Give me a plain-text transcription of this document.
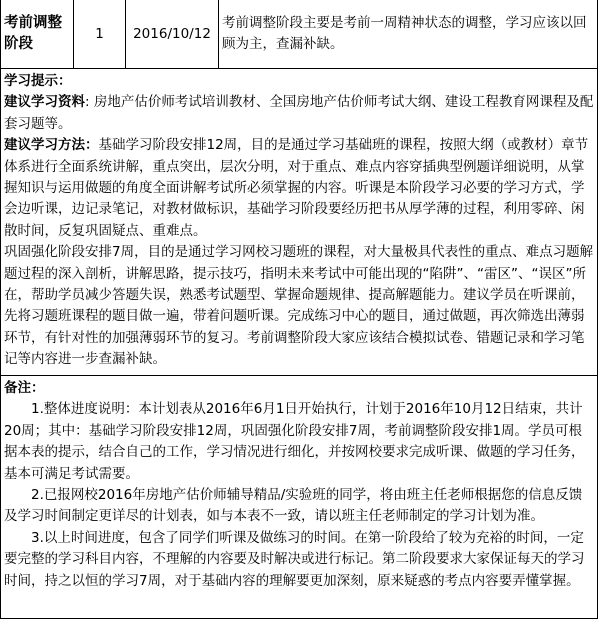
考前调整阶段	1	2016/10/12	考前调整阶段主要是考前一周精神状态的调整，学习应该以回顾为主，查漏补缺。

学习提示：

建议学习资料: 房地产估价师考试培训教材、全国房地产估价师考试大纲、建设工程教育网课程及配套习题等。

建议学习方法：基础学习阶段安排12周，目的是通过学习基础班的课程，按照大纲（或教材）章节体系进行全面系统讲解，重点突出，层次分明，对于重点、难点内容穿插典型例题详细说明，从掌握知识与运用做题的角度全面讲解考试所必须掌握的内容。听课是本阶段学习必要的学习方式，学会边听课，边记录笔记，对教材做标识，基础学习阶段要经历把书从厚学薄的过程，利用零碎、闲散时间，反复巩固疑点、重难点。

巩固强化阶段安排7周，目的是通过学习网校习题班的课程，对大量极具代表性的重点、难点习题解题过程的深入剖析，讲解思路，提示技巧，指明未来考试中可能出现的“陷阱”、“雷区”、“误区”所在，帮助学员减少答题失误，熟悉考试题型、掌握命题规律、提高解题能力。建议学员在听课前，先将习题班课程的题目做一遍，带着问题听课。完成练习中心的题目，通过做题，再次筛选出薄弱环节，有针对性的加强薄弱环节的复习。考前调整阶段大家应该结合模拟试卷、错题记录和学习笔记等内容进一步查漏补缺。

备注：

1.整体进度说明：本计划表从2016年6月1日开始执行，计划于2016年10月12日结束，共计20周；其中：基础学习阶段安排12周，巩固强化阶段安排7周，考前调整阶段安排1周。学员可根据本表的提示，结合自己的工作，学习情况进行细化，并按网校要求完成听课、做题的学习任务，基本可满足考试需要。

2.已报网校2016年房地产估价师辅导精品/实验班的同学，将由班主任老师根据您的信息反馈及学习时间制定更详尽的计划表，如与本表不一致，请以班主任老师制定的学习计划为准。

3.以上时间进度，包含了同学们听课及做练习的时间。在第一阶段给了较为充裕的时间，一定要完整的学习科目内容，不理解的内容要及时解决或进行标记。第二阶段要求大家保证每天的学习时间，持之以恒的学习7周，对于基础内容的理解要更加深刻，原来疑惑的考点内容要弄懂掌握。
